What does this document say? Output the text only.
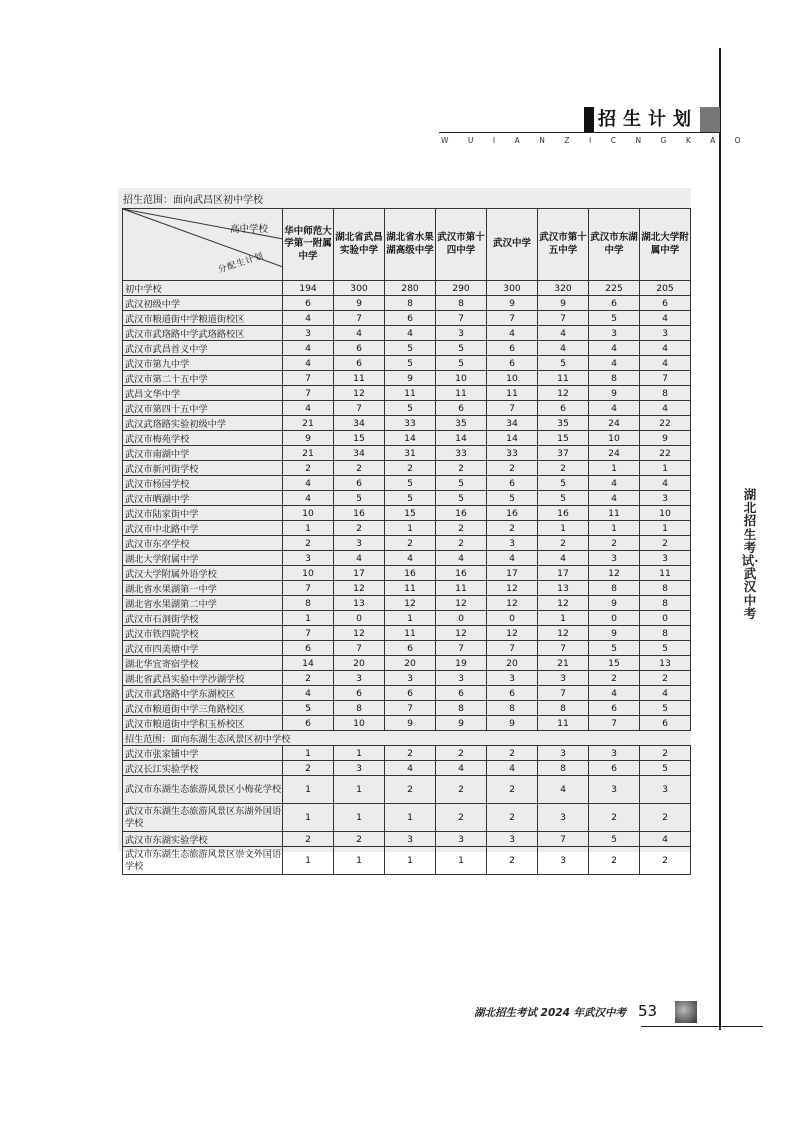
招生计划
WUIANZICNGKAO
湖北招生考试·武汉中考
招生范围：面向武昌区初中学校
高中学校
分配生计划	华中师范大学第一附属中学	湖北省武昌实验中学	湖北省水果湖高级中学	武汉市第十四中学	武汉中学	武汉市第十五中学	武汉市东湖中学	湖北大学附属中学
初中学校	194	300	280	290	300	320	225	205
武汉初级中学	6	9	8	8	9	9	6	6
武汉市粮道街中学粮道街校区	4	7	6	7	7	7	5	4
武汉市武珞路中学武珞路校区	3	4	4	3	4	4	3	3
武汉市武昌首义中学	4	6	5	5	6	4	4	4
武汉市第九中学	4	6	5	5	6	5	4	4
武汉市第二十五中学	7	11	9	10	10	11	8	7
武昌文华中学	7	12	11	11	11	12	9	8
武汉市第四十五中学	4	7	5	6	7	6	4	4
武汉武珞路实验初级中学	21	34	33	35	34	35	24	22
武汉市梅苑学校	9	15	14	14	14	15	10	9
武汉市南湖中学	21	34	31	33	33	37	24	22
武汉市新河街学校	2	2	2	2	2	2	1	1
武汉市杨园学校	4	6	5	5	6	5	4	4
武汉市晒湖中学	4	5	5	5	5	5	4	3
武汉市陆家街中学	10	16	15	16	16	16	11	10
武汉市中北路中学	1	2	1	2	2	1	1	1
武汉市东亭学校	2	3	2	2	3	2	2	2
湖北大学附属中学	3	4	4	4	4	4	3	3
武汉大学附属外语学校	10	17	16	16	17	17	12	11
湖北省水果湖第一中学	7	12	11	11	12	13	8	8
湖北省水果湖第二中学	8	13	12	12	12	12	9	8
武汉市石洞街学校	1	0	1	0	0	1	0	0
武汉市铁四院学校	7	12	11	12	12	12	9	8
武汉市四美塘中学	6	7	6	7	7	7	5	5
湖北华宜寄宿学校	14	20	20	19	20	21	15	13
湖北省武昌实验中学沙湖学校	2	3	3	3	3	3	2	2
武汉市武珞路中学东湖校区	4	6	6	6	6	7	4	4
武汉市粮道街中学三角路校区	5	8	7	8	8	8	6	5
武汉市粮道街中学积玉桥校区	6	10	9	9	9	11	7	6
招生范围：面向东湖生态风景区初中学校								
武汉市张家铺中学	1	1	2	2	2	3	3	2
武汉长江实验学校	2	3	4	4	4	8	6	5
武汉市东湖生态旅游风景区小梅花学校	1	1	2	2	2	4	3	3
武汉市东湖生态旅游风景区东湖外国语学校	1	1	1	2	2	3	2	2
武汉市东湖实验学校	2	2	3	3	3	7	5	4
武汉市东湖生态旅游风景区崇文外国语学校	1	1	1	1	2	3	2	2
湖北招生考试 2024 年武汉中考 53
